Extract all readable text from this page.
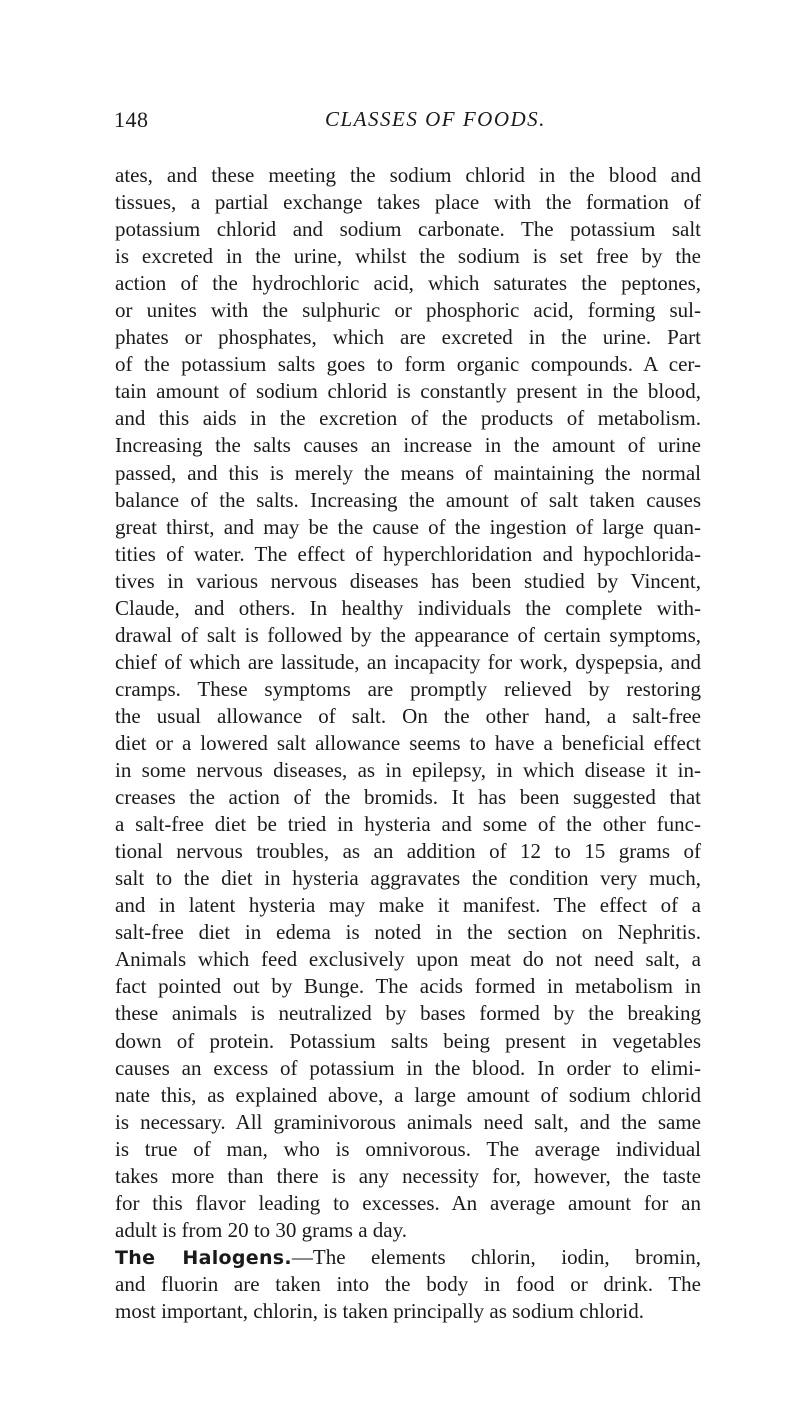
148	CLASSES OF FOODS.
ates, and these meeting the sodium chlorid in the blood and
tissues, a partial exchange takes place with the formation of
potassium chlorid and sodium carbonate. The potassium salt
is excreted in the urine, whilst the sodium is set free by the
action of the hydrochloric acid, which saturates the peptones,
or unites with the sulphuric or phosphoric acid, forming sul-
phates or phosphates, which are excreted in the urine. Part
of the potassium salts goes to form organic compounds. A cer-
tain amount of sodium chlorid is constantly present in the blood,
and this aids in the excretion of the products of metabolism.
Increasing the salts causes an increase in the amount of urine
passed, and this is merely the means of maintaining the normal
balance of the salts. Increasing the amount of salt taken causes
great thirst, and may be the cause of the ingestion of large quan-
tities of water. The effect of hyperchloridation and hypochlorida-
tives in various nervous diseases has been studied by Vincent,
Claude, and others. In healthy individuals the complete with-
drawal of salt is followed by the appearance of certain symptoms,
chief of which are lassitude, an incapacity for work, dyspepsia, and
cramps. These symptoms are promptly relieved by restoring
the usual allowance of salt. On the other hand, a salt-free
diet or a lowered salt allowance seems to have a beneficial effect
in some nervous diseases, as in epilepsy, in which disease it in-
creases the action of the bromids. It has been suggested that
a salt-free diet be tried in hysteria and some of the other func-
tional nervous troubles, as an addition of 12 to 15 grams of
salt to the diet in hysteria aggravates the condition very much,
and in latent hysteria may make it manifest. The effect of a
salt-free diet in edema is noted in the section on Nephritis.
Animals which feed exclusively upon meat do not need salt, a
fact pointed out by Bunge. The acids formed in metabolism in
these animals is neutralized by bases formed by the breaking
down of protein. Potassium salts being present in vegetables
causes an excess of potassium in the blood. In order to elimi-
nate this, as explained above, a large amount of sodium chlorid
is necessary. All graminivorous animals need salt, and the same
is true of man, who is omnivorous. The average individual
takes more than there is any necessity for, however, the taste
for this flavor leading to excesses. An average amount for an
adult is from 20 to 30 grams a day.
The Halogens.—The elements chlorin, iodin, bromin,
and fluorin are taken into the body in food or drink. The
most important, chlorin, is taken principally as sodium chlorid.
